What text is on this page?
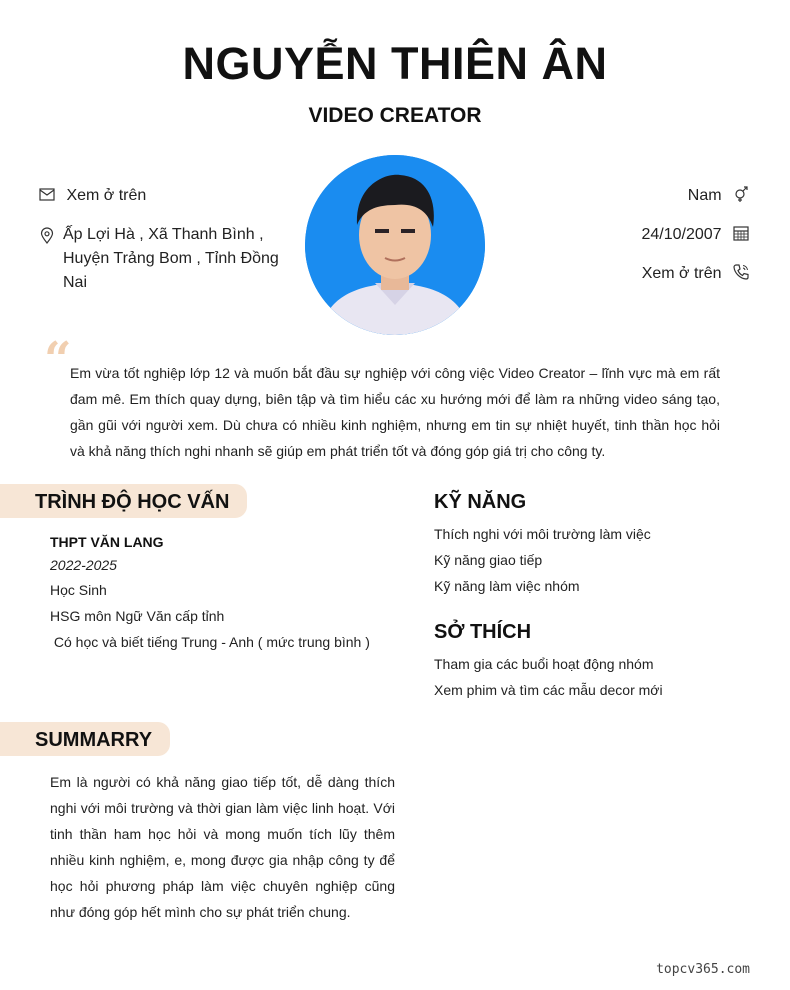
NGUYỄN THIÊN ÂN
VIDEO CREATOR
Xem ở trên
Ấp Lợi Hà , Xã Thanh Bình , Huyện Trảng Bom , Tỉnh Đồng Nai
Nam
24/10/2007
Xem ở trên
“
Em vừa tốt nghiệp lớp 12 và muốn bắt đầu sự nghiệp với công việc Video Creator – lĩnh vực mà em rất đam mê. Em thích quay dựng, biên tập và tìm hiểu các xu hướng mới để làm ra những video sáng tạo, gần gũi với người xem. Dù chưa có nhiều kinh nghiệm, nhưng em tin sự nhiệt huyết, tinh thần học hỏi và khả năng thích nghi nhanh sẽ giúp em phát triển tốt và đóng góp giá trị cho công ty.
TRÌNH ĐỘ HỌC VẤN
THPT VĂN LANG
2022-2025
Học Sinh
HSG môn Ngữ Văn cấp tỉnh
Có học và biết tiếng Trung - Anh ( mức trung bình )
KỸ NĂNG
Thích nghi với môi trường làm việc
Kỹ năng giao tiếp
Kỹ năng làm việc nhóm
SỞ THÍCH
Tham gia các buổi hoạt động nhóm
Xem phim và tìm các mẫu decor mới
SUMMARRY
Em là người có khả năng giao tiếp tốt, dễ dàng thích nghi với môi trường và thời gian làm việc linh hoạt. Với tinh thần ham học hỏi và mong muốn tích lũy thêm nhiều kinh nghiệm, e, mong được gia nhập công ty để học hỏi phương pháp làm việc chuyên nghiệp cũng như đóng góp hết mình cho sự phát triển chung.
topcv365.com
